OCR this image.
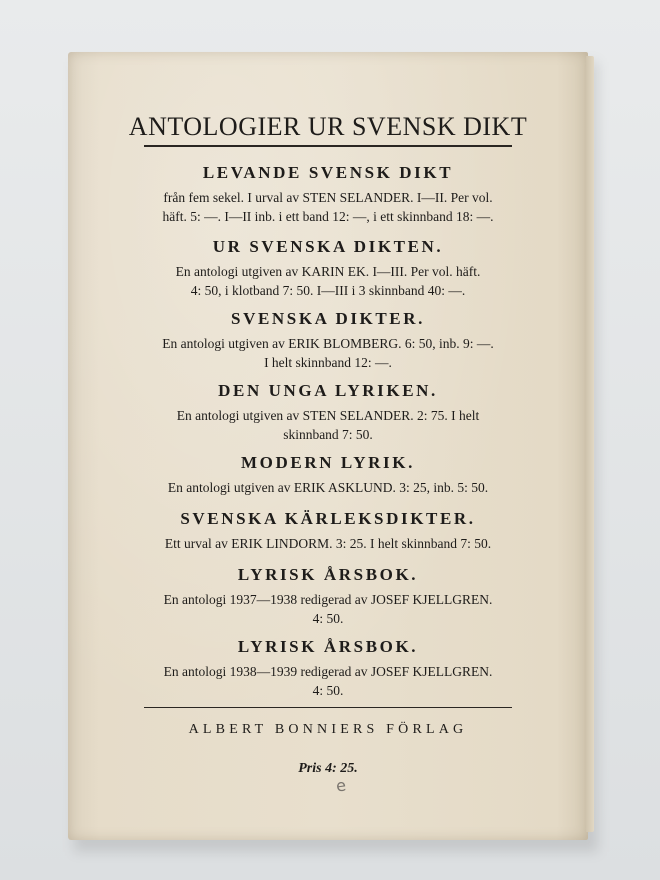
ANTOLOGIER UR SVENSK DIKT
LEVANDE SVENSK DIKT
från fem sekel. I urval av STEN SELANDER. I—II. Per vol.
häft. 5: —. I—II inb. i ett band 12: —, i ett skinnband 18: —.
UR SVENSKA DIKTEN.
En antologi utgiven av KARIN EK. I—III. Per vol. häft.
4: 50, i klotband 7: 50. I—III i 3 skinnband 40: —.
SVENSKA DIKTER.
En antologi utgiven av ERIK BLOMBERG. 6: 50, inb. 9: —.
I helt skinnband 12: —.
DEN UNGA LYRIKEN.
En antologi utgiven av STEN SELANDER. 2: 75. I helt
skinnband 7: 50.
MODERN LYRIK.
En antologi utgiven av ERIK ASKLUND. 3: 25, inb. 5: 50.
SVENSKA KÄRLEKSDIKTER.
Ett urval av ERIK LINDORM. 3: 25. I helt skinnband 7: 50.
LYRISK ÅRSBOK.
En antologi 1937—1938 redigerad av JOSEF KJELLGREN.
4: 50.
LYRISK ÅRSBOK.
En antologi 1938—1939 redigerad av JOSEF KJELLGREN.
4: 50.
ALBERT BONNIERS FÖRLAG
Pris 4: 25.
e
